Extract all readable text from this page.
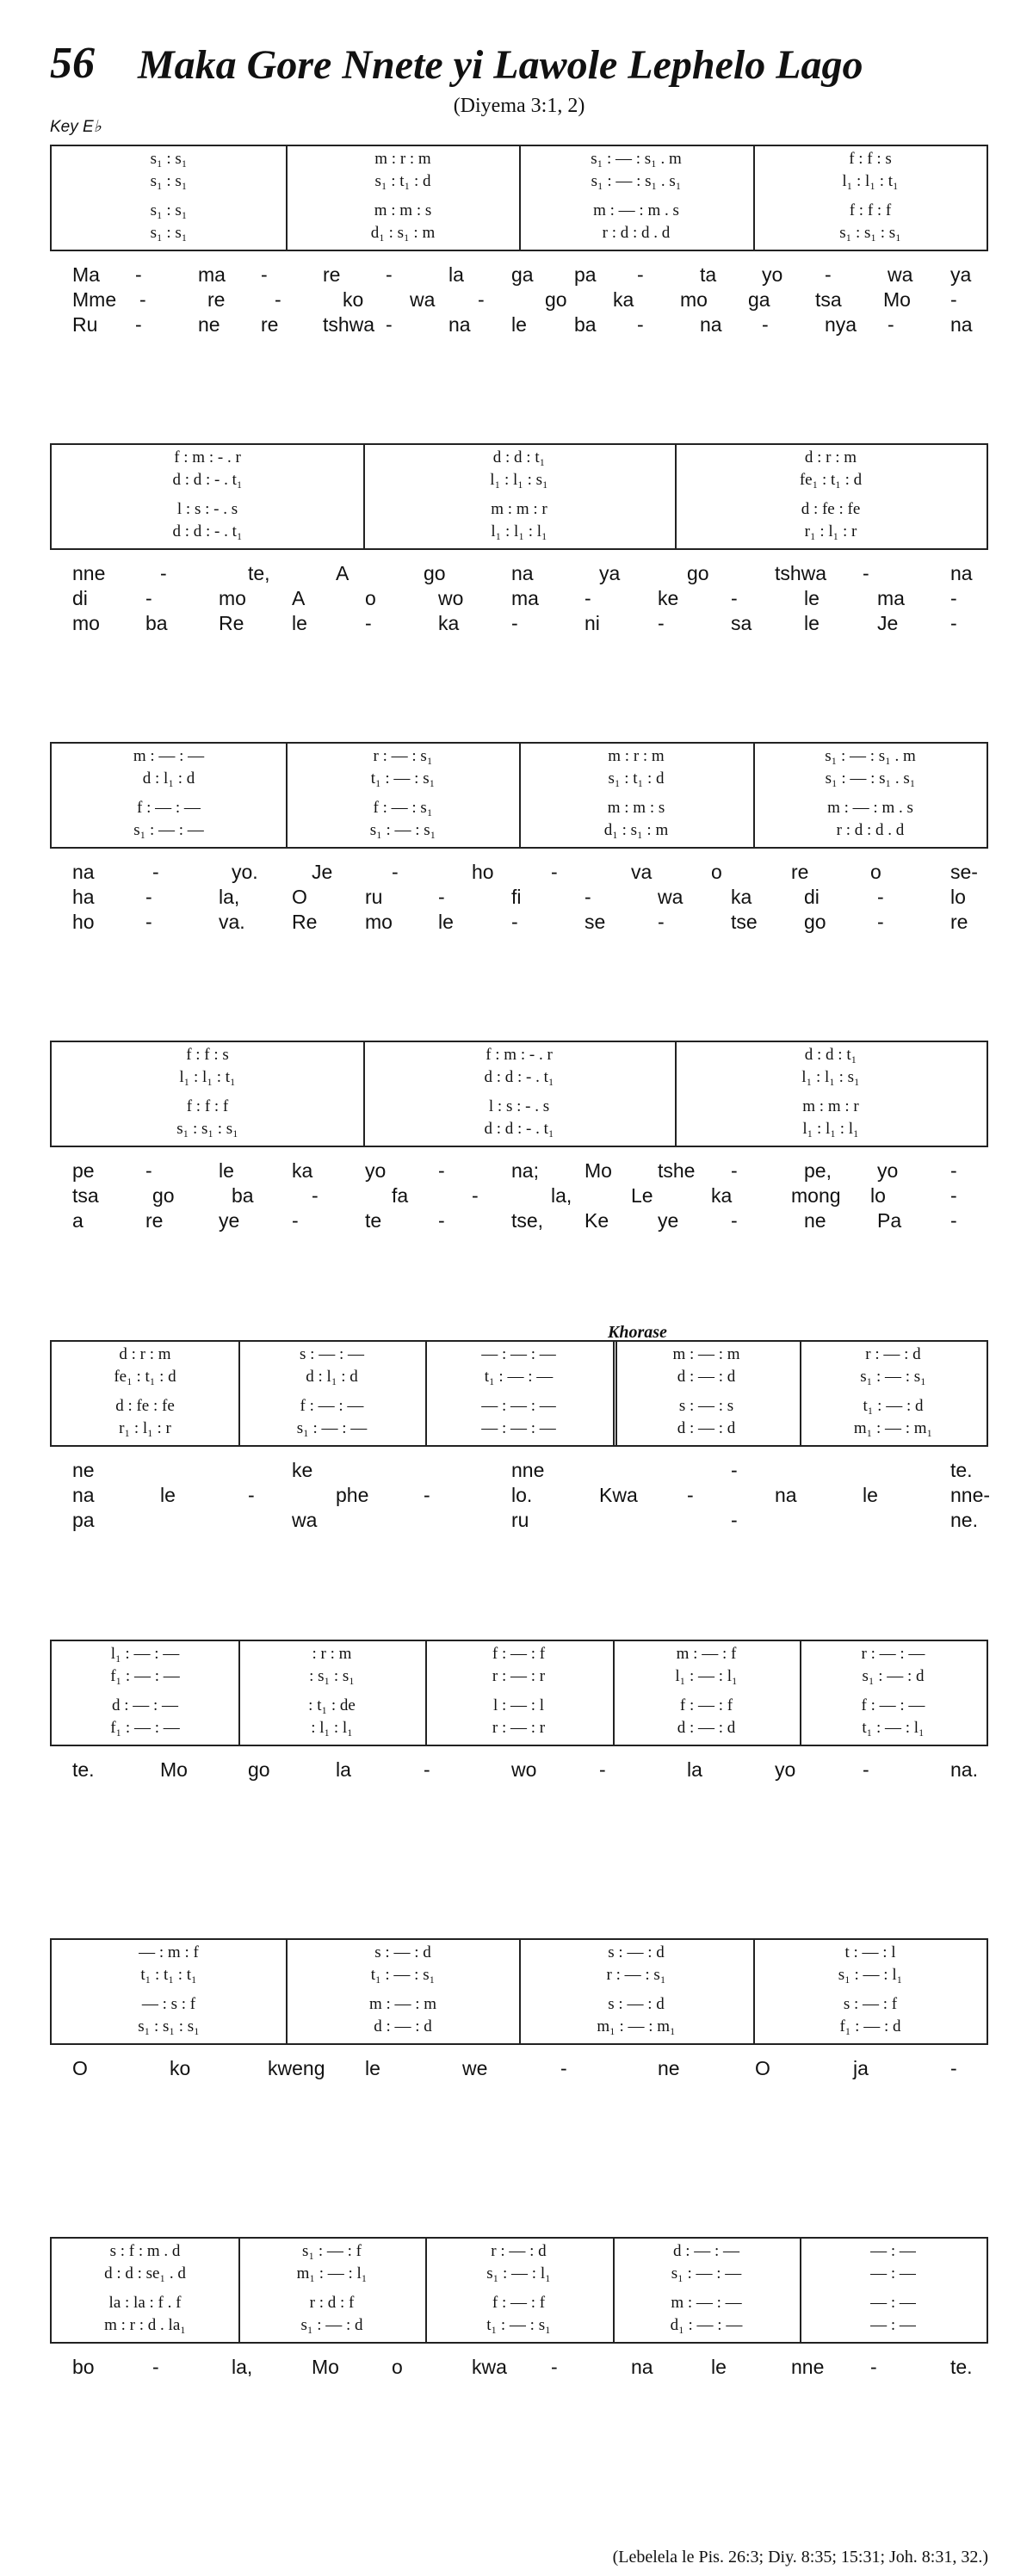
56 Maka Gore Nnete yi Lawole Lephelo Lago
(Diyema 3:1, 2)
Key E♭
Khorase
s₁ : s₁	m : r : m	s₁ : — : s₁ . m	f : f : s
s₁ : s₁	s₁ : t₁ : d	s₁ : — : s₁ . s₁	l₁ : l₁ : t₁
s₁ : s₁	m : m : s	m : — : m . s	f : f : f
s₁ : s₁	d₁ : s₁ : m	r : d : d . d	s₁ : s₁ : s₁
Ma -	ma -	re -	la ga pa -	ta yo -	wa ya
Mme -	re	-	ko wa -	go ka mo ga tsa Mo -
Ru -	ne re tshwa -	na le ba -	na -	nya -	na
f : m : - . r	d : d : t₁	d : r : m
d : d : - . t₁	l₁ : l₁ : s₁	fe₁ : t₁ : d
l : s : - . s	m : m : r	d : fe : fe
d : d : - . t₁	l₁ : l₁ : l₁	r₁ : l₁ : r
nne	-	te,	A	go	na	ya	go	tshwa -	na
di	-	mo A	o	wo ma -	ke	-	le	ma -
mo ba	Re le	-	ka	-	ni	-	sa	le	Je	-
m : — : —	r : — : s₁	m : r : m	s₁ : — : s₁ . m
d : l₁ : d	t₁ : — : s₁	s₁ : t₁ : d	s₁ : — : s₁ . s₁
f : — : —	f : — : s₁	m : m : s	m : — : m . s
s₁ : — : —	s₁ : — : s₁	d₁ : s₁ : m	r : d : d . d
na	-	yo.	Je	-	ho	-	va	o	re	o	se-
ha	-	la,	O	ru	-	fi	-	wa ka	di	-	lo
ho	-	va. Re mo le	-	se	-	tse go	-	re
f : f : s	f : m : - . r	d : d : t₁
l₁ : l₁ : t₁	d : d : - . t₁	l₁ : l₁ : s₁
f : f : f	l : s : - . s	m : m : r
s₁ : s₁ : s₁	d : d : - . t₁	l₁ : l₁ : l₁
pe	-	le	ka	yo	-	na; Mo tshe -	pe, yo	-
tsa	go	ba	-	fa	-	la,	Le	ka	mong lo	-
a	re	ye	-	te	-	tse, Ke ye	-	ne	Pa -
d : r : m	s : — : —	— : — : —	m : — : m	r : — : d
fe₁ : t₁ : d	d : l₁ : d	t₁ : — : —	d : — : d	s₁ : — : s₁
d : fe : fe	f : — : —	— : — : —	s : — : s	t₁ : — : d
r₁ : l₁ : r	s₁ : — : —	— : — : —	d : — : d	m₁ : — : m₁
ne	ke	nne	-	te.
na	le	-	phe	-	lo.	Kwa -	na	le	nne-
pa	wa	ru	-	ne.
l₁ : — : —	: r : m	f : — : f	m : — : f	r : — : —
f₁ : — : —	: s₁ : s₁	r : — : r	l₁ : — : l₁	s₁ : — : d
d : — : —	: t₁ : de	l : — : l	f : — : f	f : — : —
f₁ : — : —	: l₁ : l₁	r : — : r	d : — : d	t₁ : — : l₁
te.	Mo	go	la	-	wo	-	la	yo	-	na.
— : m : f	s : — : d	s : — : d	t : — : l
t₁ : t₁ : t₁	t₁ : — : s₁	r : — : s₁	s₁ : — : l₁
— : s : f	m : — : m	s : — : d	s : — : f
s₁ : s₁ : s₁	d : — : d	m₁ : — : m₁	f₁ : — : d
O	ko	kweng le	we	-	ne	O	ja	-
s : f : m . d	s₁ : — : f	r : — : d	d : — : —	— : —
d : d : se₁ . d	m₁ : — : l₁	s₁ : — : l₁	s₁ : — : —	— : —
la : la : f . f	r : d : f	f : — : f	m : — : —	— : —
m : r : d . la₁	s₁ : — : d	t₁ : — : s₁	d₁ : — : —	— : —
bo	-	la,	Mo	o	kwa -	na	le	nne -	te.
(Lebelela le Pis. 26:3; Diy. 8:35; 15:31; Joh. 8:31, 32.)
